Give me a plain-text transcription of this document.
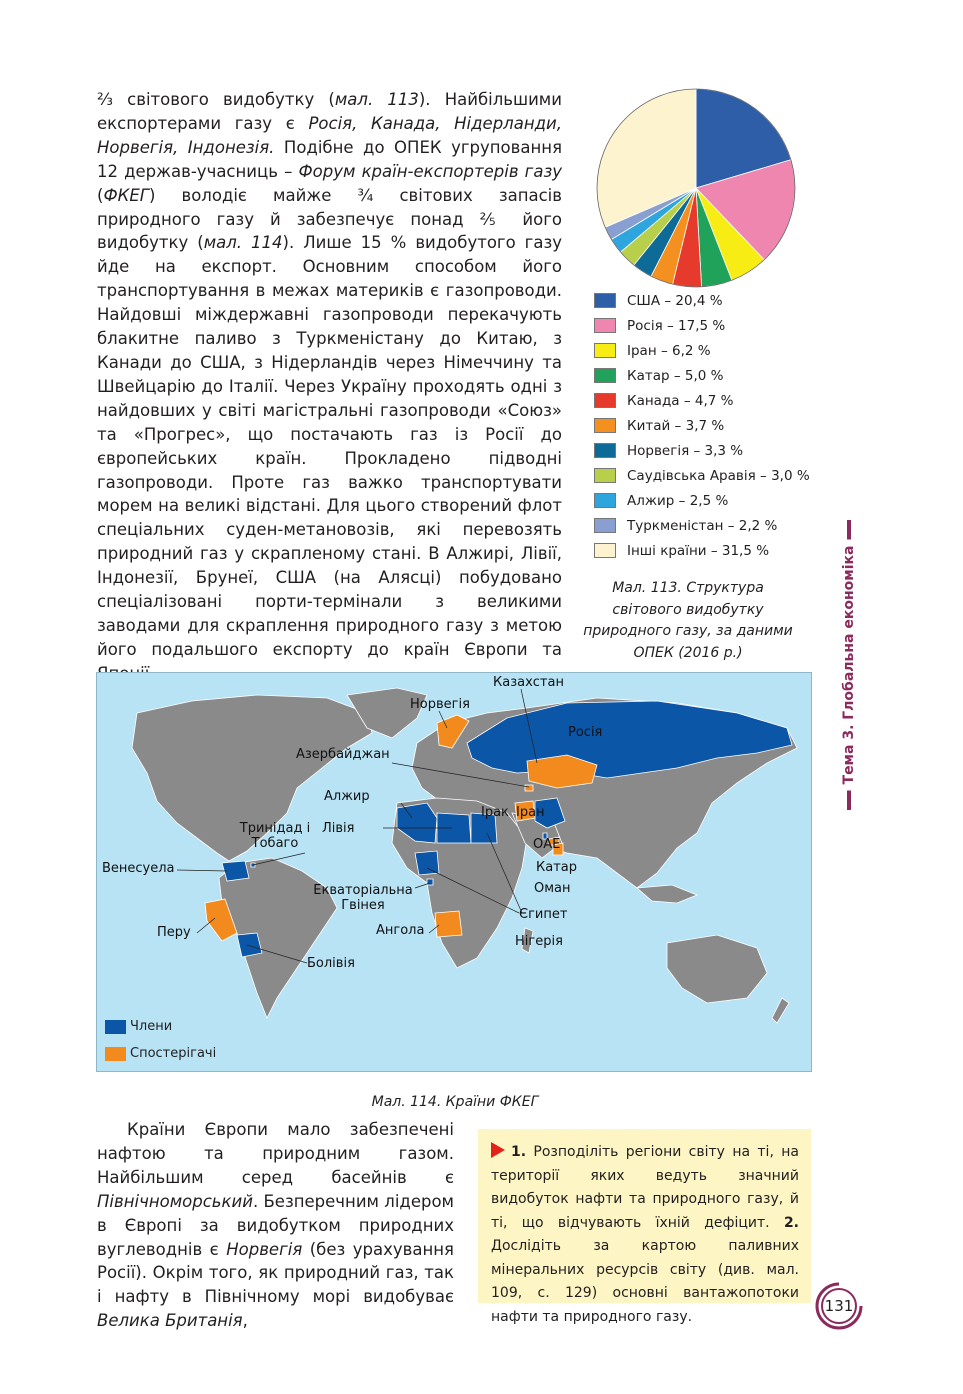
⅔ світового видобутку (мал. 113). Найбільшими експортерами газу є Росія, Канада, Нідерланди, Норвегія, Індонезія. Подібне до ОПЕК угруповання 12 держав-учасниць – Форум країн-експортерів газу (ФКЕГ) володіє майже ¾ світових запасів природного газу й забезпечує понад ⅖ його видобутку (мал. 114). Лише 15 % видобутого газу йде на експорт. Основним способом його транспортування в межах материків є газопроводи. Найдовші міждержавні газопроводи перекачують блакитне паливо з Туркменістану до Китаю, з Канади до США, з Нідерландів через Німеччину та Швейцарію до Італії. Через Україну проходять одні з найдовших у світі магістральні газопроводи «Союз» та «Прогрес», що постачають газ із Росії до європейських країн. Прокладено підводні газопроводи. Проте газ важко транспортувати морем на великі відстані. Для цього створений флот спеціальних суден-метановозів, які перевозять природний газ у скрапленому стані. В Алжирі, Лівії, Індонезії, Брунеї, США (на Алясці) побудовано спеціалізовані порти-термінали з великими заводами для скраплення природного газу з метою його подальшого експорту до країн Європи та

США – 20,4 %
Росія – 17,5 %
Іран – 6,2 %
Катар – 5,0 %
Канада – 4,7 %
Китай – 3,7 %
Норвегія – 3,3 %
Саудівська Аравія – 3,0 %
Алжир – 2,5 %
Туркменістан – 2,2 %
Інші країни – 31,5 %
Мал. 113. Структура світового видобутку природного газу, за даними ОПЕК (2016 р.)
Казахстан
Норвегія
Росія
Азербайджан
Алжир
Ірак Іран
Тринідад і Тобаго
Лівія
ОАЕ
Венесуела	Катар
Екваторіальна Гвінея
Оман
Єгипет
Перу	Ангола
Нігерія
Болівія
Члени
Спостерігачі
Мал. 114. Країни ФКЕГ

Країни Європи мало забезпечені нафтою та природним газом. Найбільшим серед басейнів є Північноморський. Безперечним лідером в Європі за видобутком природних вуглеводнів є Норвегія (без урахування Росії). Окрім того, як природний газ, так і нафту в Північному морі видобуває Велика Британія,

1. Розподіліть регіони світу на ті, на території яких ведуть значний видобуток нафти та природного газу, й ті, що відчувають їхній дефіцит. 2. Дослідіть за картою паливних мінеральних ресурсів світу (див. мал. 109, с. 129) основні вантажопотоки нафти та природного газу.
Тема 3. Глобальна економіка
131
